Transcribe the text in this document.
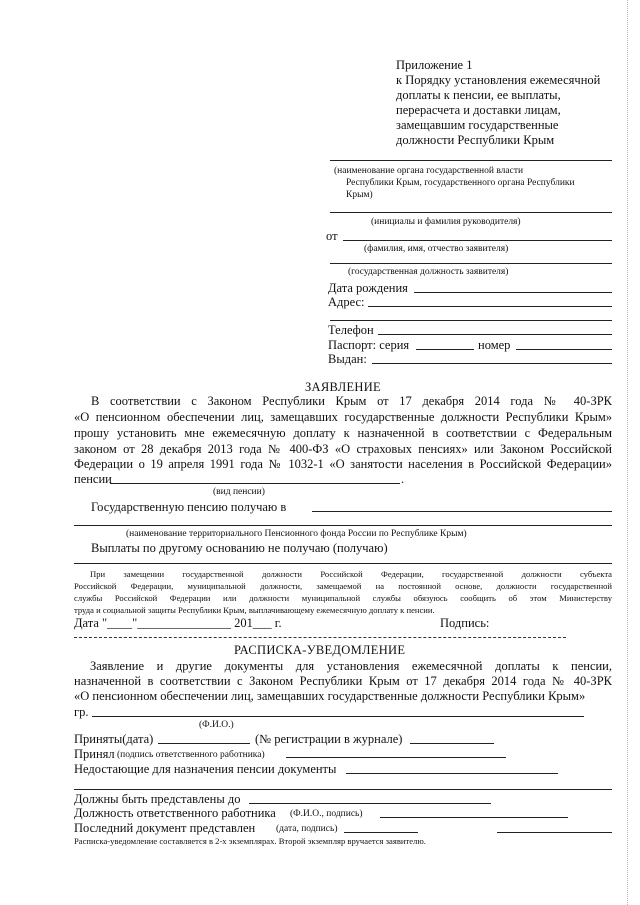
Приложение 1
к Порядку установления ежемесячной
доплаты к пенсии, ее выплаты,
перерасчета и доставки лицам,
замещавшим государственные
должности Республики Крым
(наименование органа государственной власти
Республики Крым, государственного органа Республики
Крым)
(инициалы и фамилия руководителя)
от
(фамилия, имя, отчество заявителя)
(государственная должность заявителя)
Дата рождения
Адрес:
Телефон
Паспорт: серия	номер
Выдан:
ЗАЯВЛЕНИЕ
В соответствии с Законом Республики Крым от 17 декабря 2014 года № 40-ЗРК
«О пенсионном обеспечении лиц, замещавших государственные должности Республики Крым»
прошу установить мне ежемесячную доплату к назначенной в соответствии с Федеральным
законом от 28 декабря 2013 года № 400-ФЗ «О страховых пенсиях» или Законом Российской
Федерации о 19 апреля 1991 года № 1032-1 «О занятости населения в Российской Федерации»
пенсии	.
(вид пенсии)
Государственную пенсию получаю в
(наименование территориального Пенсионного фонда России по Республике Крым)
Выплаты по другому основанию не получаю (получаю)
При замещении государственной должности Российской Федерации, государственной должности субъекта
Российской Федерации, муниципальной должности, замещаемой на постоянной основе, должности государственной
службы Российской Федерации или должности муниципальной службы обязуюсь сообщить об этом Министерству
труда и социальной защиты Республики Крым, выплачивающему ежемесячную доплату к пенсии.
Дата "____"_______________ 201___ г.	Подпись:
РАСПИСКА-УВЕДОМЛЕНИЕ
Заявление и другие документы для установления ежемесячной доплаты к пенсии,
назначенной в соответствии с Законом Республики Крым от 17 декабря 2014 года № 40-ЗРК
«О пенсионном обеспечении лиц, замещавших государственные должности Республики Крым»
гр.
(Ф.И.О.)
Приняты(дата)	(№ регистрации в журнале)
Принял (подпись ответственного работника)
Недостающие для назначения пенсии документы
Должны быть представлены до
Должность ответственного работника (Ф.И.О., подпись)
Последний документ представлен (дата, подпись)
Расписка-уведомление составляется в 2-х экземплярах. Второй экземпляр вручается заявителю.
